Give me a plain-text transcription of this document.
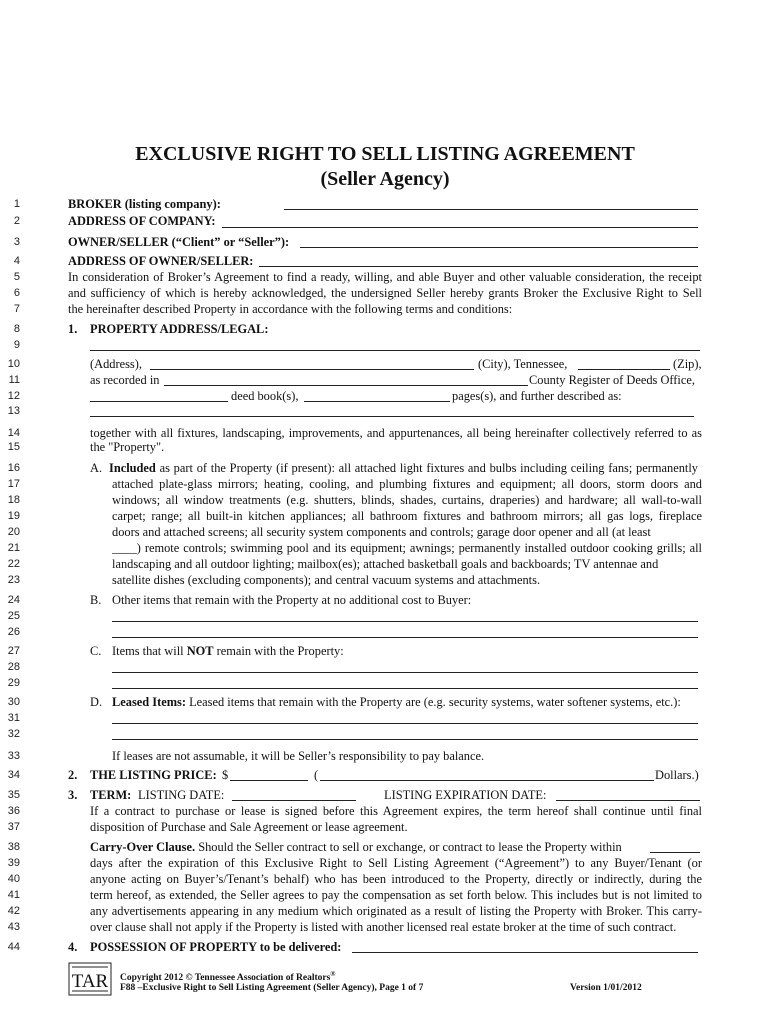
EXCLUSIVE RIGHT TO SELL LISTING AGREEMENT
(Seller Agency)
1
2
3
4
5
6
7
8
9
10
11
12
13
14
15
16
17
18
19
20
21
22
23
24
25
26
27
28
29
30
31
32
33
34
35
36
37
38
39
40
41
42
43
44
BROKER (listing company):
ADDRESS OF COMPANY:
OWNER/SELLER (“Client” or “Seller”):
ADDRESS OF OWNER/SELLER:
In consideration of Broker’s Agreement to find a ready, willing, and able Buyer and other valuable consideration, the receipt
and sufficiency of which is hereby acknowledged, the undersigned Seller hereby grants Broker the Exclusive Right to Sell
the hereinafter described Property in accordance with the following terms and conditions:
1. PROPERTY ADDRESS/LEGAL:
(Address),	(City), Tennessee,	(Zip),
as recorded in	County Register of Deeds Office,
deed book(s),	pages(s), and further described as:
together with all fixtures, landscaping, improvements, and appurtenances, all being hereinafter collectively referred to as
the "Property".
A. Included as part of the Property (if present): all attached light fixtures and bulbs including ceiling fans; permanently
attached plate-glass mirrors; heating, cooling, and plumbing fixtures and equipment; all doors, storm doors and
windows; all window treatments (e.g. shutters, blinds, shades, curtains, draperies) and hardware; all wall-to-wall
carpet; range; all built-in kitchen appliances; all bathroom fixtures and bathroom mirrors; all gas logs, fireplace
doors and attached screens; all security system components and controls; garage door opener and all (at least
____) remote controls; swimming pool and its equipment; awnings; permanently installed outdoor cooking grills; all
landscaping and all outdoor lighting; mailbox(es); attached basketball goals and backboards; TV antennae and
satellite dishes (excluding components); and central vacuum systems and attachments.
B. Other items that remain with the Property at no additional cost to Buyer:
C. Items that will NOT remain with the Property:
D. Leased Items: Leased items that remain with the Property are (e.g. security systems, water softener systems, etc.):
If leases are not assumable, it will be Seller’s responsibility to pay balance.
2. THE LISTING PRICE: $	(	Dollars.)
3. TERM: LISTING DATE:	LISTING EXPIRATION DATE:
If a contract to purchase or lease is signed before this Agreement expires, the term hereof shall continue until final
disposition of Purchase and Sale Agreement or lease agreement.
Carry-Over Clause. Should the Seller contract to sell or exchange, or contract to lease the Property within
days after the expiration of this Exclusive Right to Sell Listing Agreement (“Agreement”) to any Buyer/Tenant (or
anyone acting on Buyer’s/Tenant’s behalf) who has been introduced to the Property, directly or indirectly, during the
term hereof, as extended, the Seller agrees to pay the compensation as set forth below. This includes but is not limited to
any advertisements appearing in any medium which originated as a result of listing the Property with Broker. This carry-
over clause shall not apply if the Property is listed with another licensed real estate broker at the time of such contract.
4. POSSESSION OF PROPERTY to be delivered:
TAR Copyright 2012 © Tennessee Association of Realtors®
F88 –Exclusive Right to Sell Listing Agreement (Seller Agency), Page 1 of 7	Version 1/01/2012
